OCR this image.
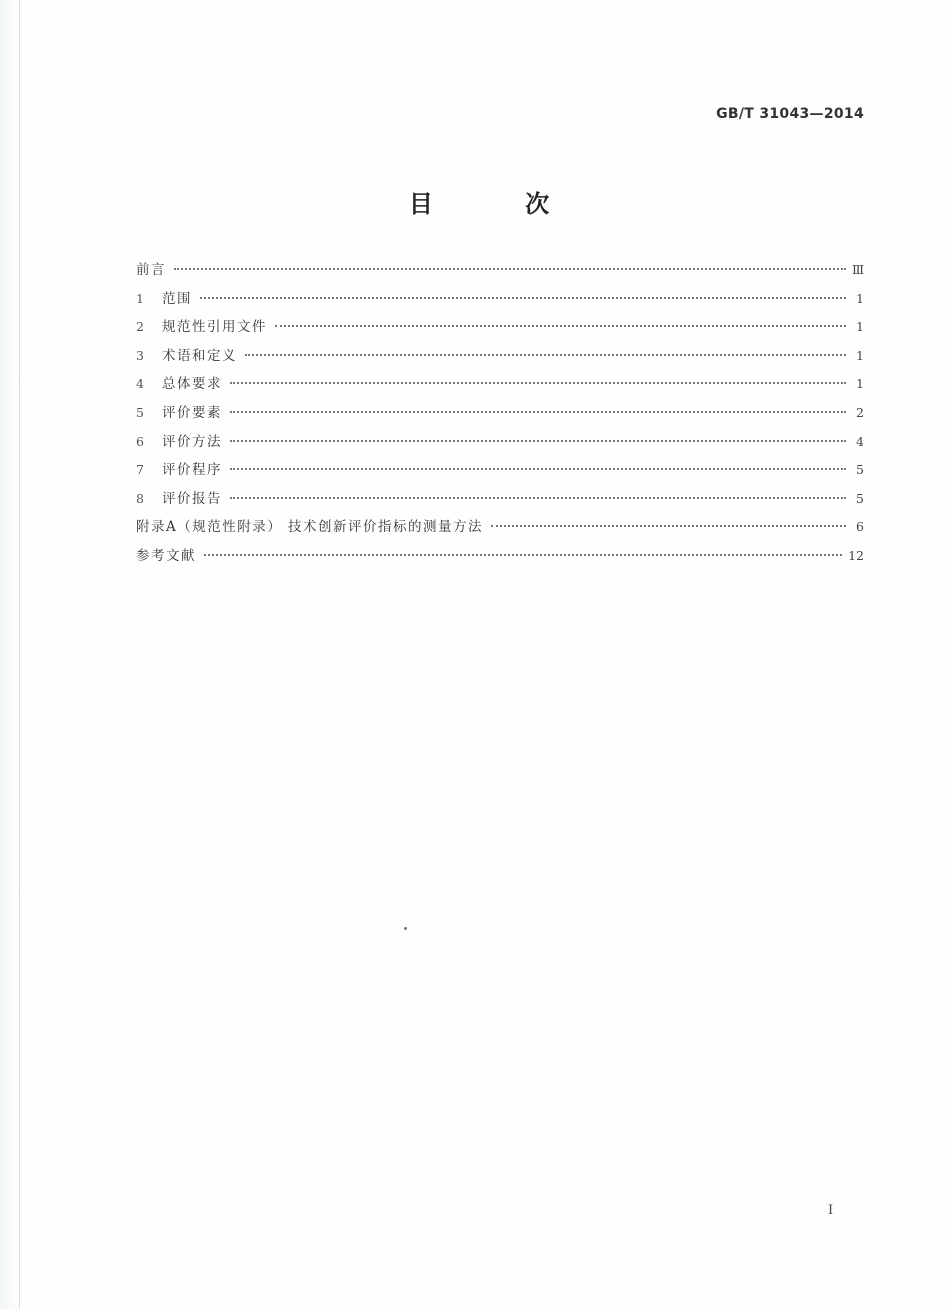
GB/T 31043—2014
目 次
前言	Ⅲ
1	范围	1
2	规范性引用文件	1
3	术语和定义	1
4	总体要求	1
5	评价要素	2
6	评价方法	4
7	评价程序	5
8	评价报告	5
附录A（规范性附录） 技术创新评价指标的测量方法	6
参考文献	12
I
